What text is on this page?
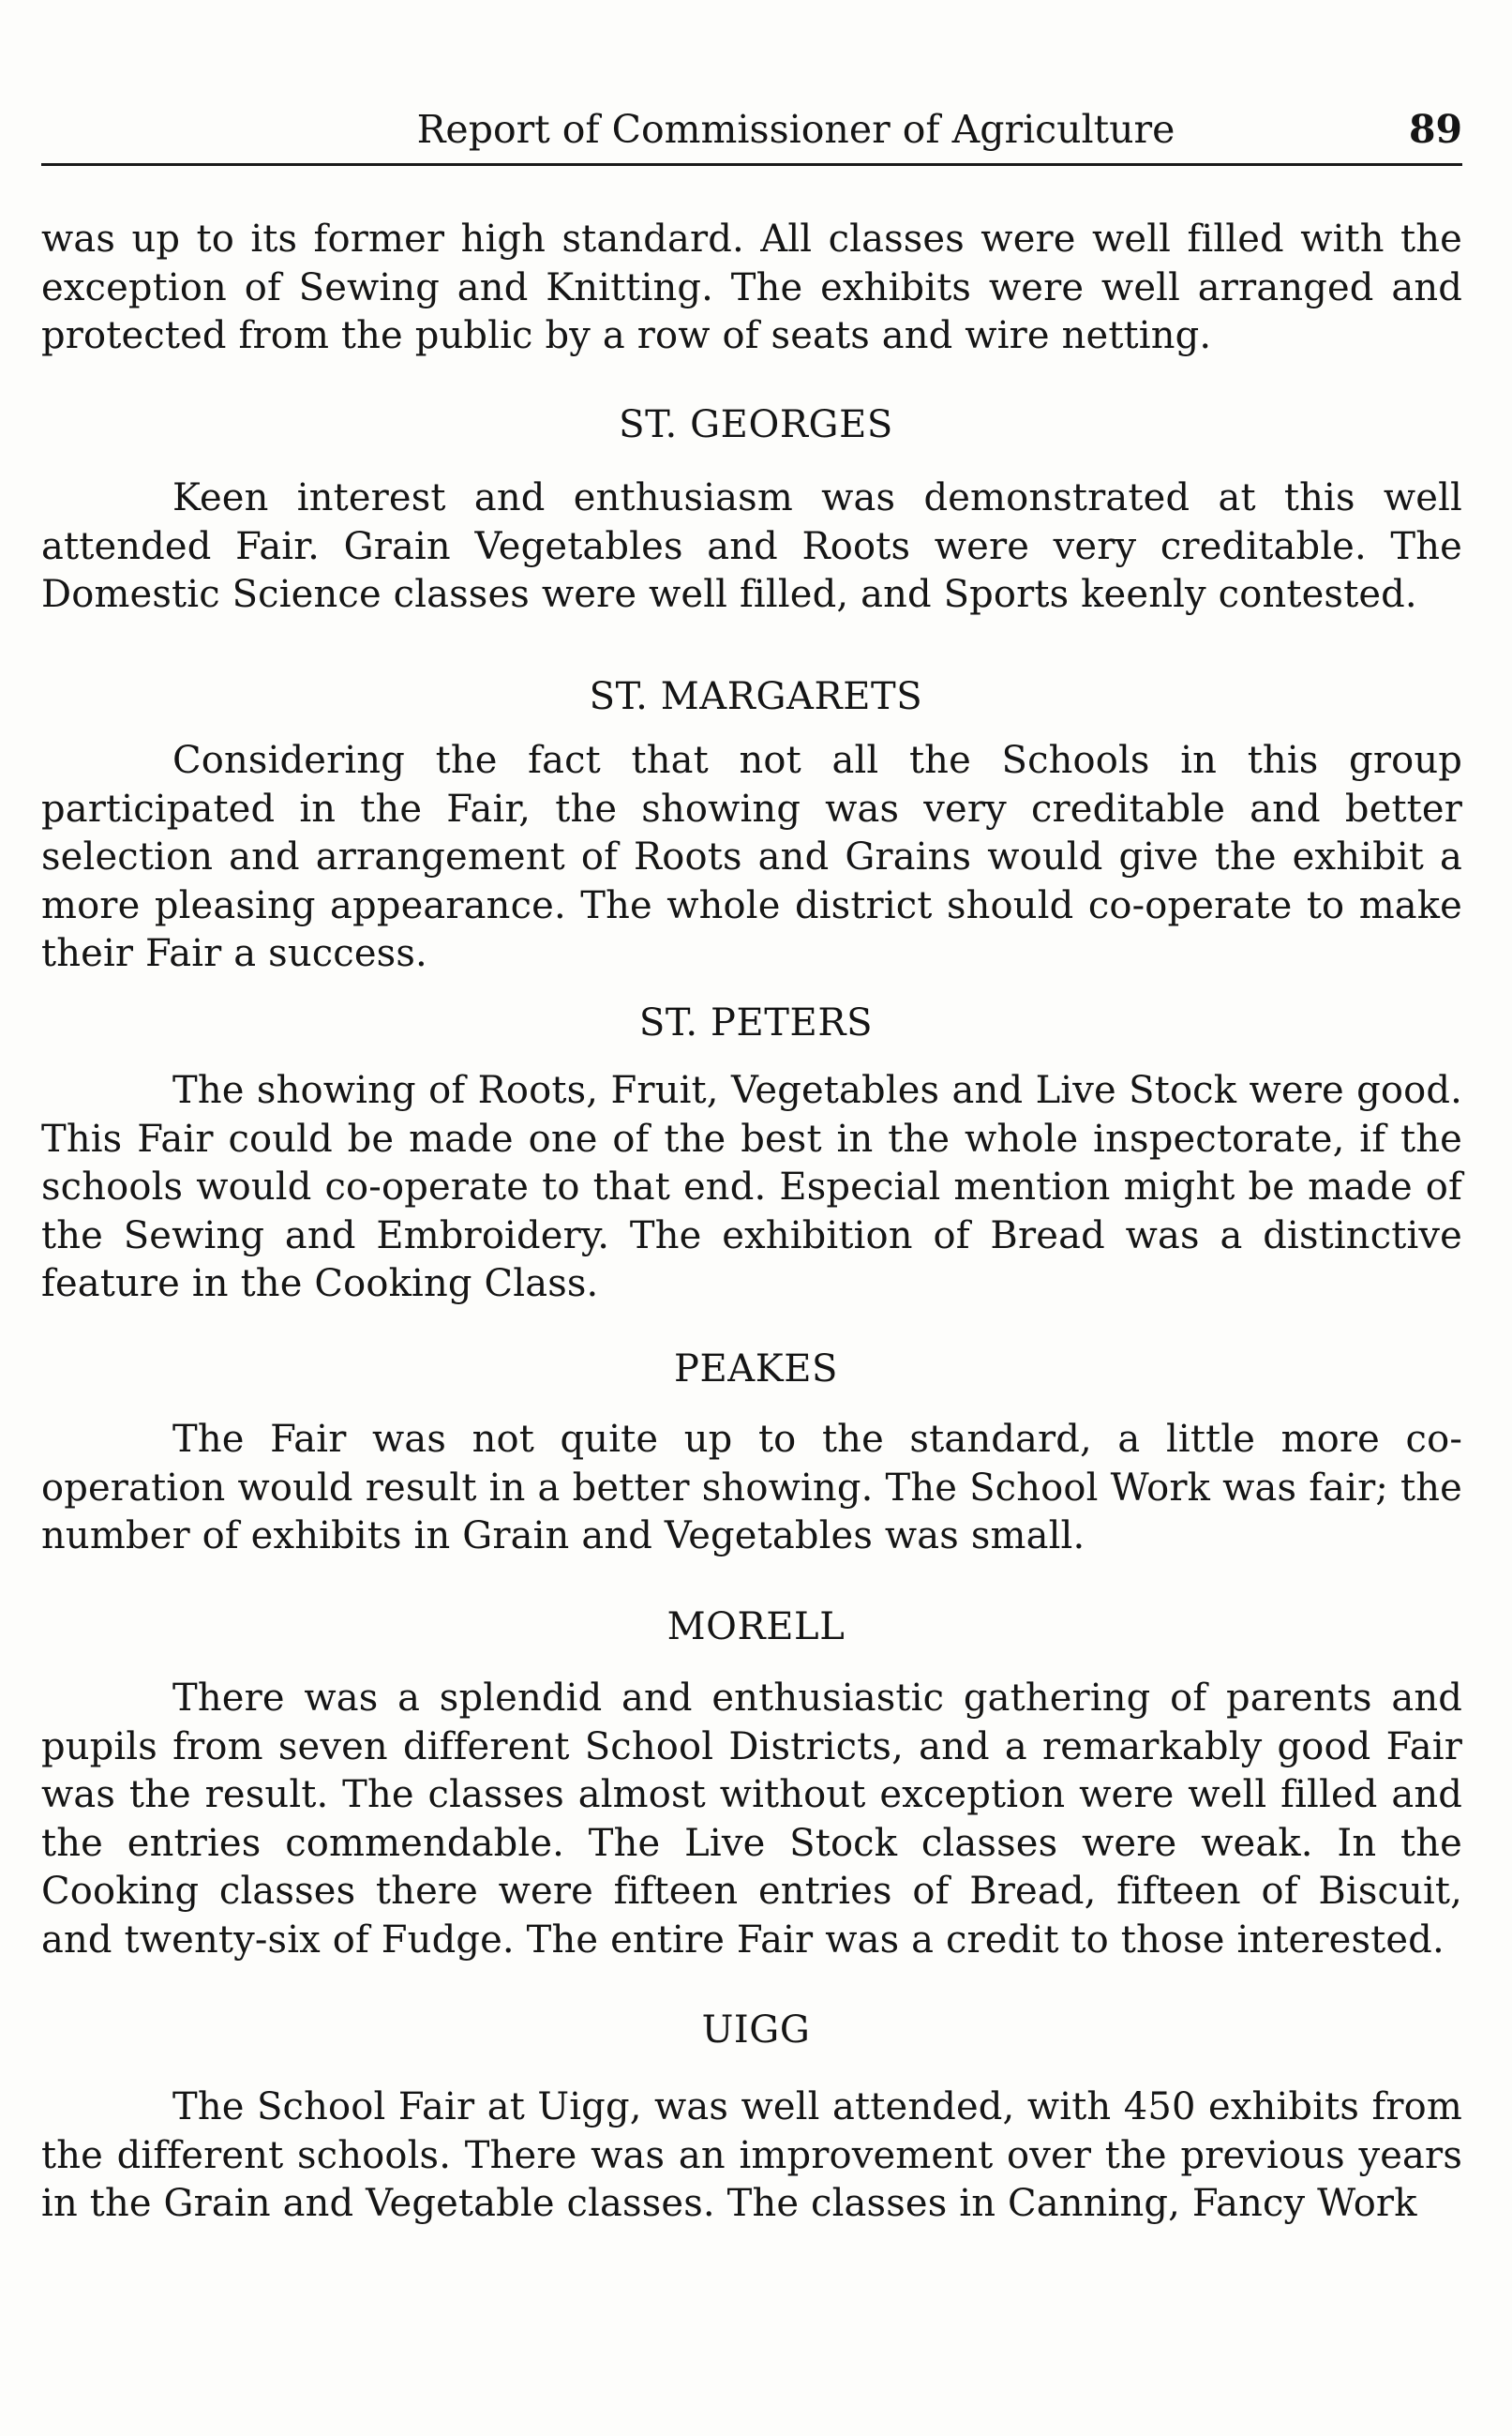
Report of Commissioner of Agriculture	89

was up to its former high standard. All classes were well filled with the exception of Sewing and Knitting. The exhibits were well arranged and protected from the public by a row of seats and wire netting.

ST. GEORGES

Keen interest and enthusiasm was demonstrated at this well attended Fair. Grain Vegetables and Roots were very creditable. The Domestic Science classes were well filled, and Sports keenly contested.

ST. MARGARETS

Considering the fact that not all the Schools in this group participated in the Fair, the showing was very creditable and better selection and arrangement of Roots and Grains would give the exhibit a more pleasing appearance. The whole district should co-operate to make their Fair a success.

ST. PETERS

The showing of Roots, Fruit, Vegetables and Live Stock were good. This Fair could be made one of the best in the whole inspectorate, if the schools would co-operate to that end. Especial mention might be made of the Sewing and Embroidery. The exhibition of Bread was a distinctive feature in the Cooking Class.

PEAKES

The Fair was not quite up to the standard, a little more co-operation would result in a better showing. The School Work was fair; the number of exhibits in Grain and Vegetables was small.

MORELL

There was a splendid and enthusiastic gathering of parents and pupils from seven different School Districts, and a remarkably good Fair was the result. The classes almost without exception were well filled and the entries commendable. The Live Stock classes were weak. In the Cooking classes there were fifteen entries of Bread, fifteen of Biscuit, and twenty-six of Fudge. The entire Fair was a credit to those interested.

UIGG

The School Fair at Uigg, was well attended, with 450 exhibits from the different schools. There was an improvement over the previous years in the Grain and Vegetable classes. The classes in Canning, Fancy Work
